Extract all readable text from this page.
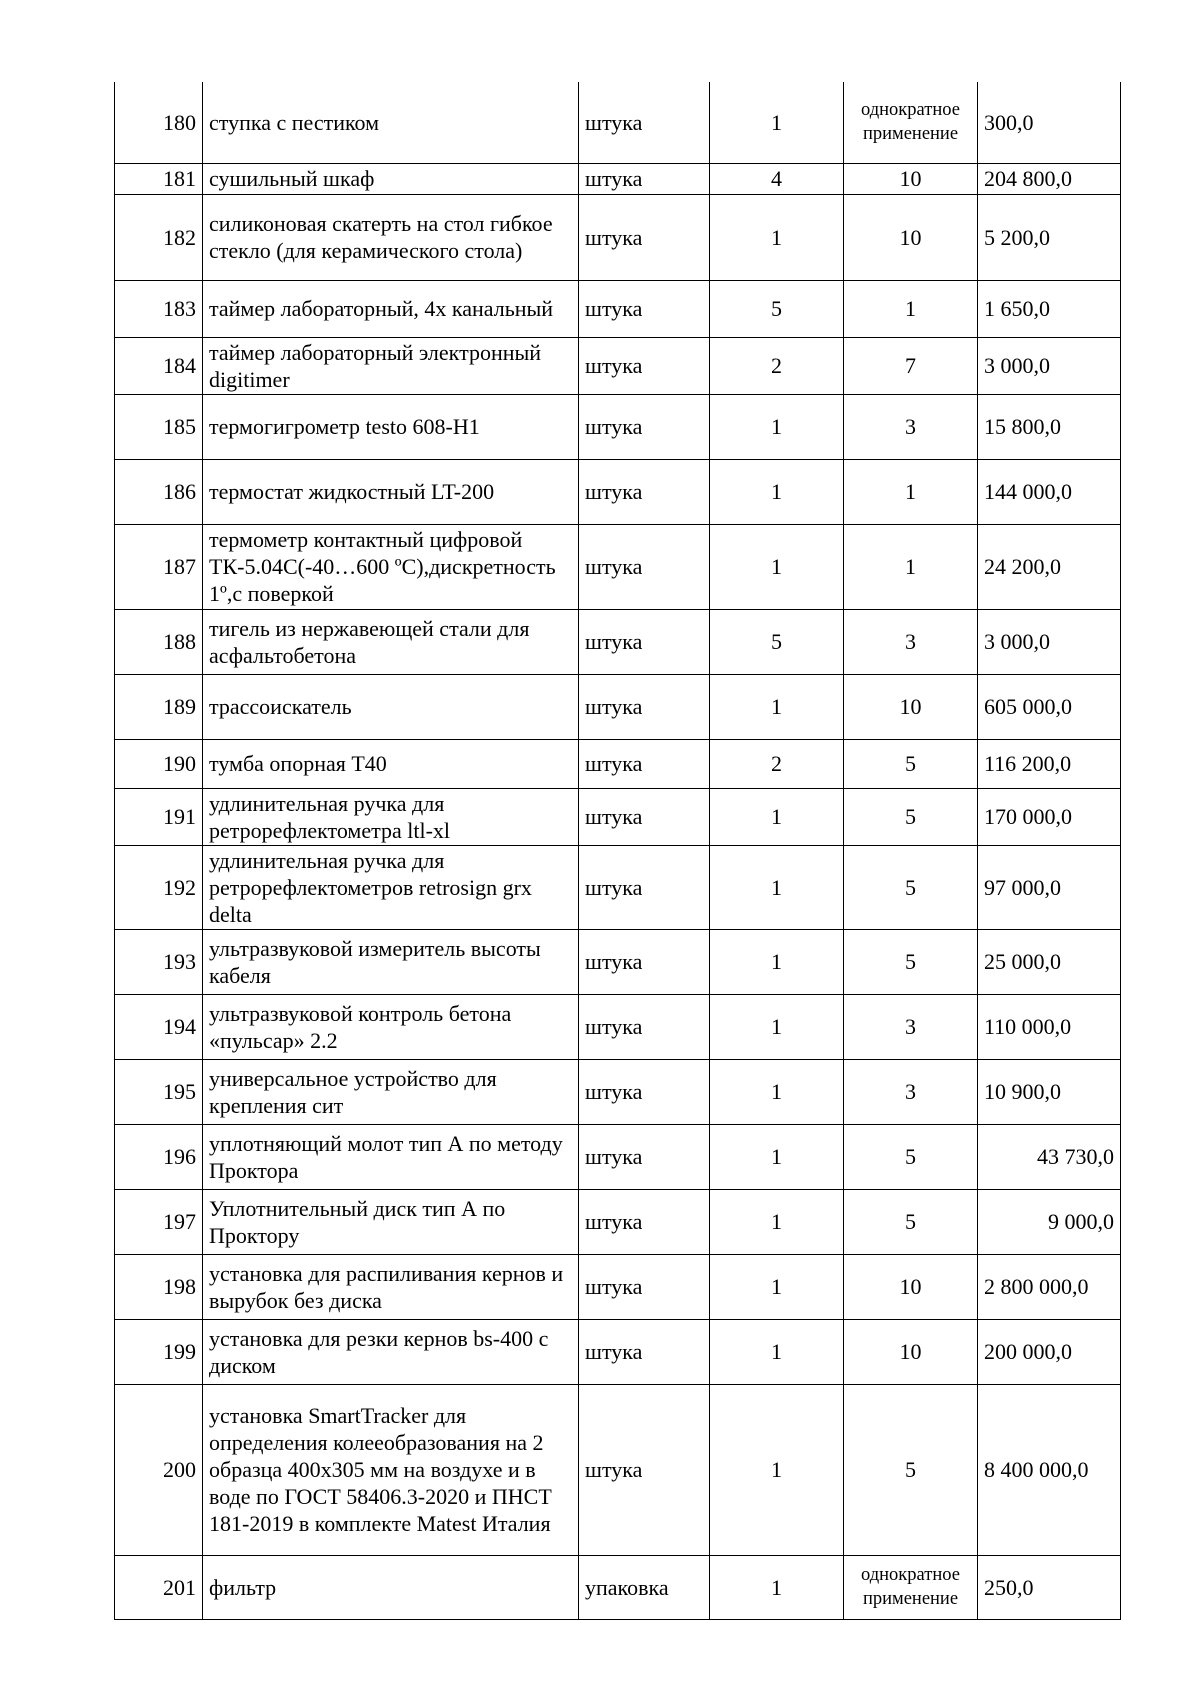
180	ступка с пестиком	штука	1	однократное применение	300,0
181	сушильный шкаф	штука	4	10	204 800,0
182	силиконовая скатерть на стол гибкое стекло (для керамического стола)	штука	1	10	5 200,0
183	таймер лабораторный, 4х канальный	штука	5	1	1 650,0
184	таймер лабораторный электронный digitimer	штука	2	7	3 000,0
185	термогигрометр testo 608-H1	штука	1	3	15 800,0
186	термостат жидкостный LT-200	штука	1	1	144 000,0
187	термометр контактный цифровой ТК-5.04С(-40…600 ºС),дискретность 1º,с поверкой	штука	1	1	24 200,0
188	тигель из нержавеющей стали для асфальтобетона	штука	5	3	3 000,0
189	трассоискатель	штука	1	10	605 000,0
190	тумба опорная Т40	штука	2	5	116 200,0
191	удлинительная ручка для ретрорефлектометра ltl-xl	штука	1	5	170 000,0
192	удлинительная ручка для ретрорефлектометров retrosign grx delta	штука	1	5	97 000,0
193	ультразвуковой измеритель высоты кабеля	штука	1	5	25 000,0
194	ультразвуковой контроль бетона «пульсар» 2.2	штука	1	3	110 000,0
195	универсальное устройство для крепления сит	штука	1	3	10 900,0
196	уплотняющий молот тип А по методу Проктора	штука	1	5	43 730,0
197	Уплотнительный диск тип А по Проктору	штука	1	5	9 000,0
198	установка для распиливания кернов и вырубок без диска	штука	1	10	2 800 000,0
199	установка для резки кернов bs-400 с диском	штука	1	10	200 000,0
200	установка SmartTracker для определения колееобразования на 2 образца 400х305 мм на воздухе и в воде по ГОСТ 58406.3-2020 и ПНСТ 181-2019 в комплекте Matest Италия	штука	1	5	8 400 000,0
201	фильтр	упаковка	1	однократное применение	250,0
